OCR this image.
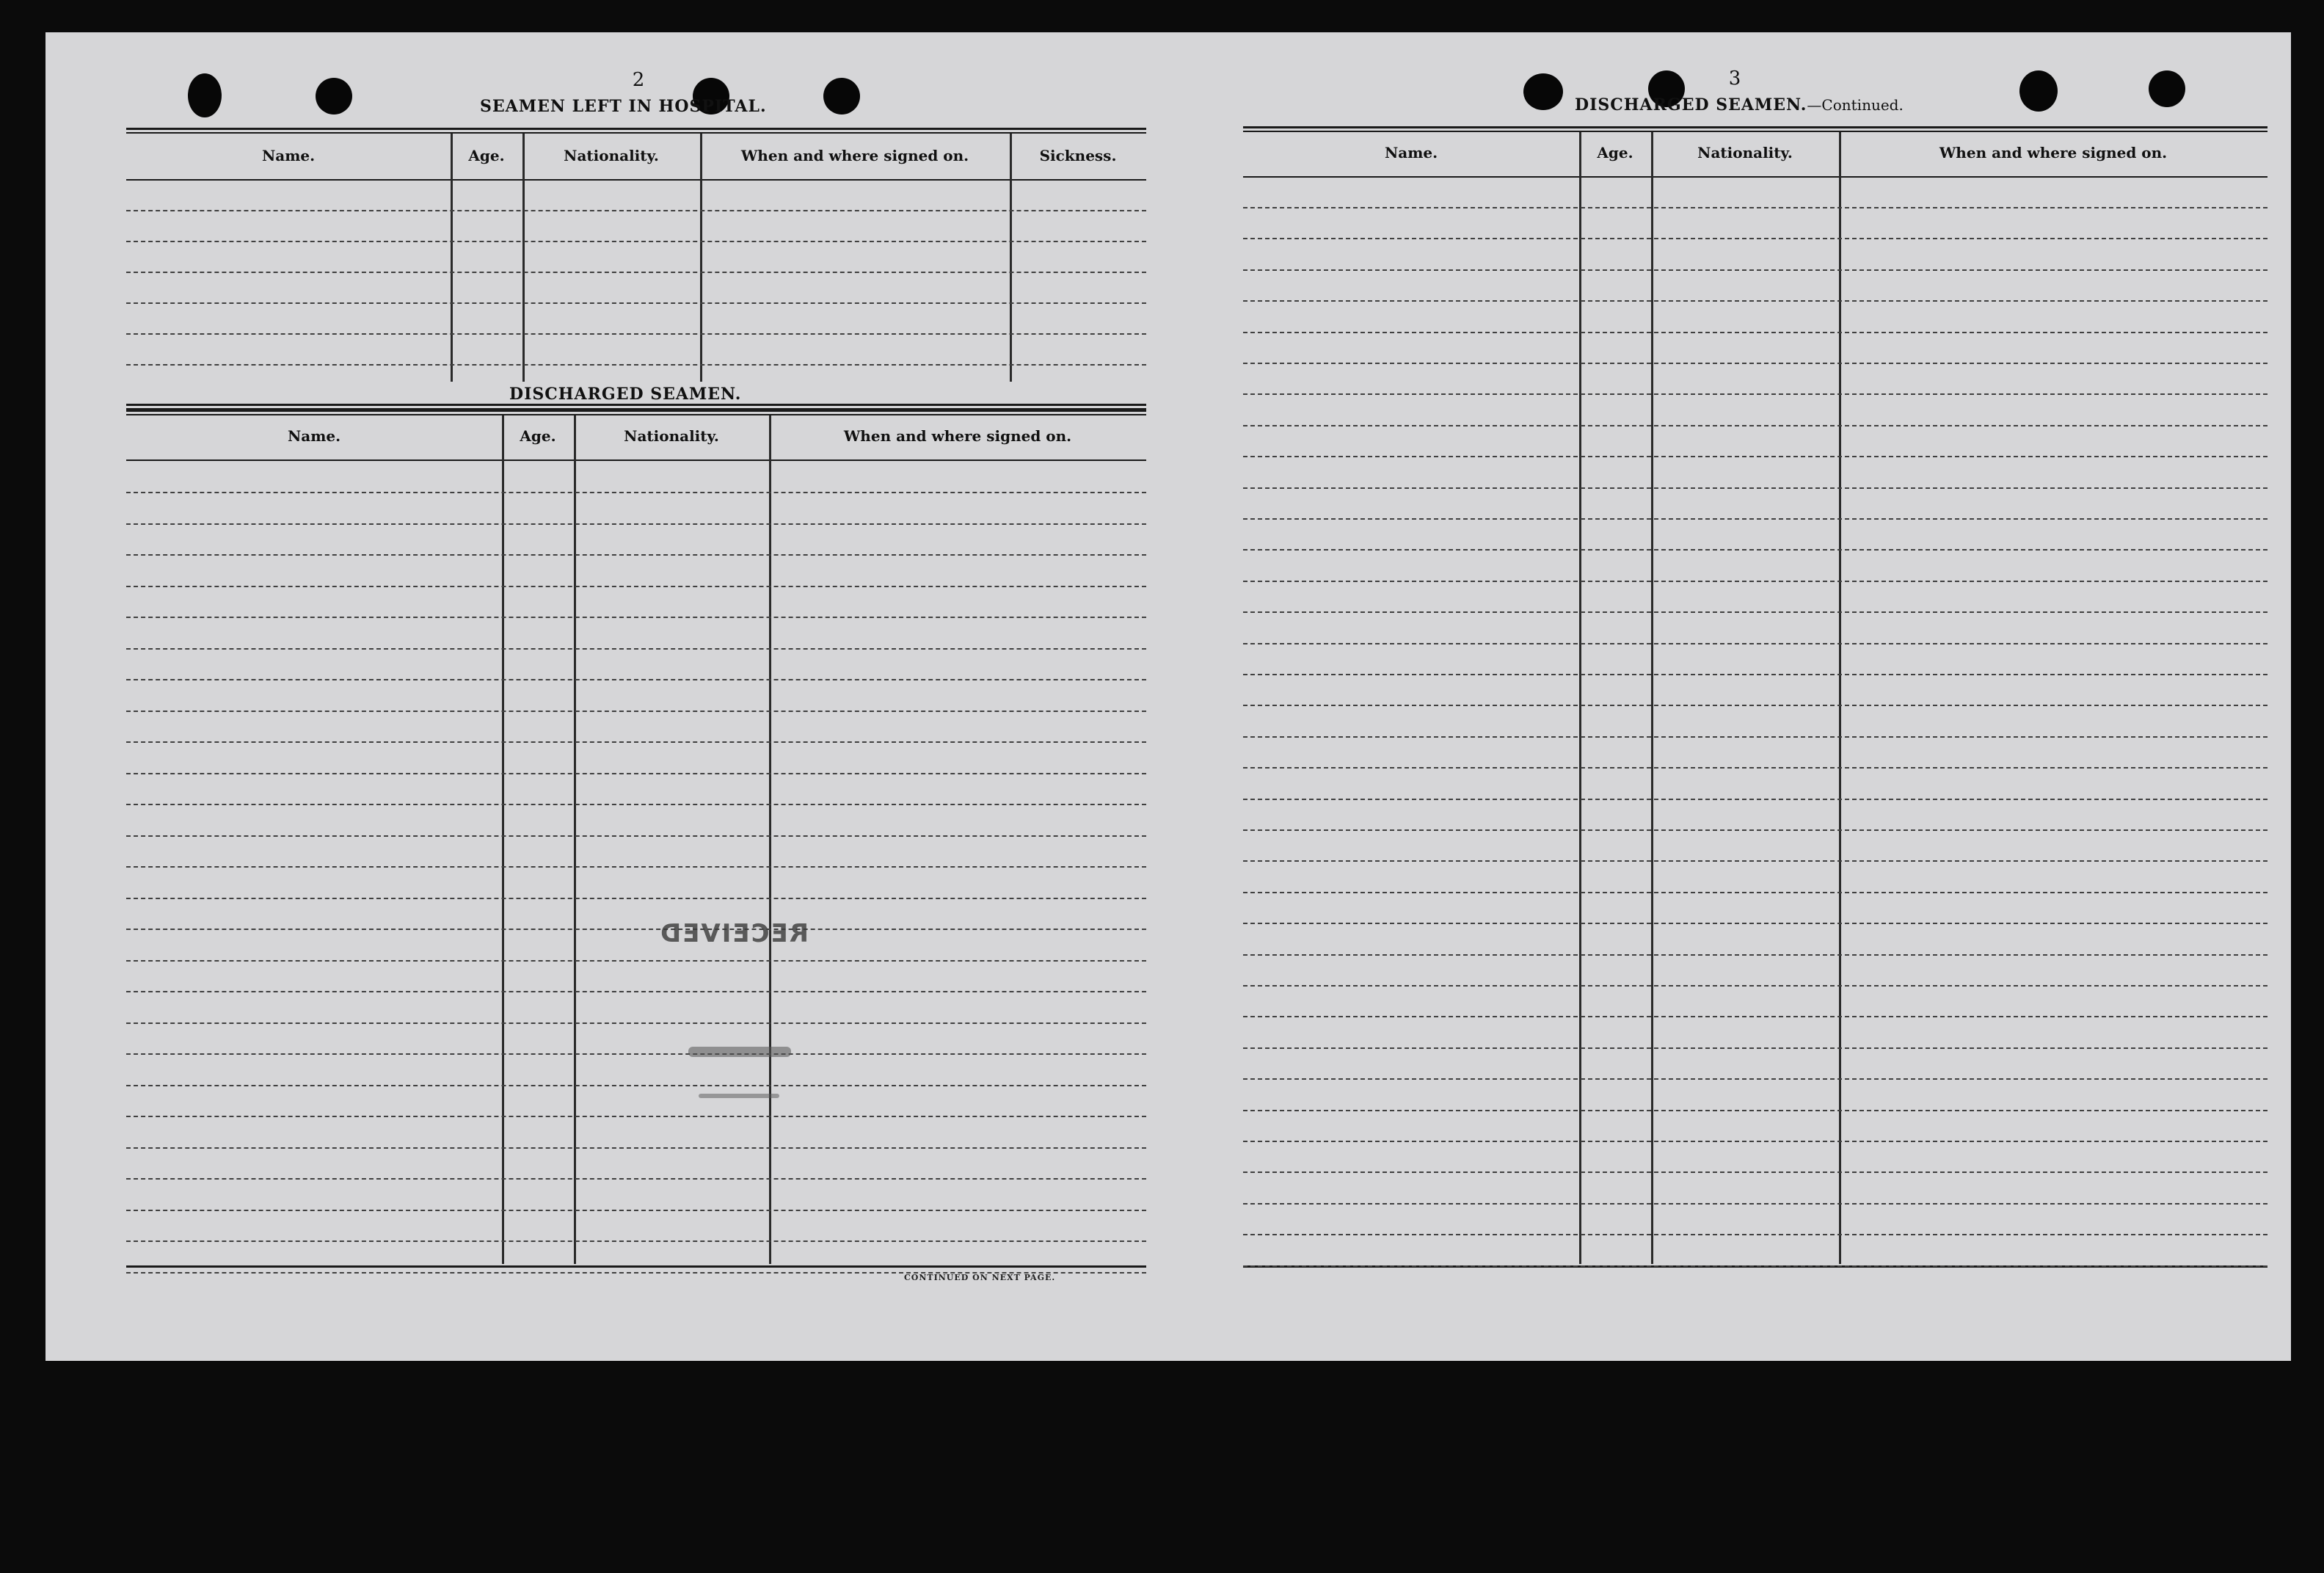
2
SEAMEN LEFT IN HOSPITAL.
Name.	Age.	Nationality.	When and where signed on.	Sickness.
DISCHARGED SEAMEN.
Name.	Age.	Nationality.	When and where signed on.
RECEIVED
CONTINUED ON NEXT PAGE.
3
DISCHARGED SEAMEN.—Continued.
Name.	Age.	Nationality.	When and where signed on.
